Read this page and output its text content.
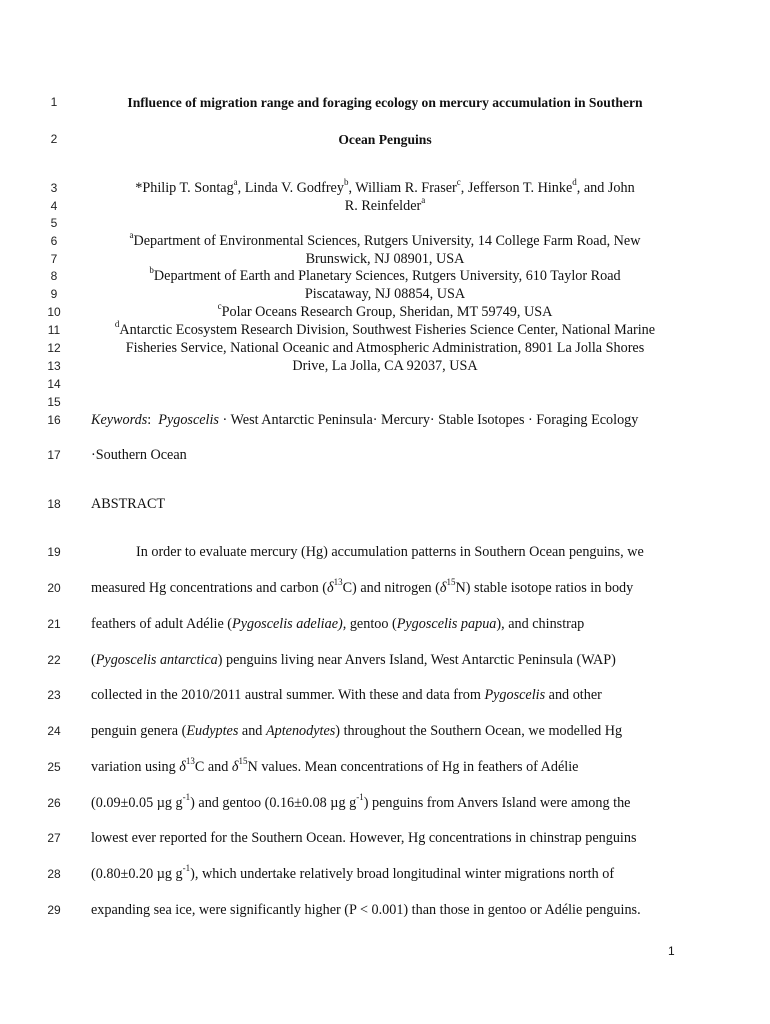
1
2
3
4
5
6
7
8
9
10
11
12
13
14
15
16
17
18
19
20
21
22
23
24
25
26
27
28
29
Influence of migration range and foraging ecology on mercury accumulation in Southern
Ocean Penguins
*Philip T. Sontag$^a$, Linda V. Godfrey$^b$, William R. Fraser$^c$, Jefferson T. Hinke$^d$, and John
R. Reinfelder$^a$
$^a$Department of Environmental Sciences, Rutgers University, 14 College Farm Road, New
Brunswick, NJ 08901, USA
$^b$Department of Earth and Planetary Sciences, Rutgers University, 610 Taylor Road
Piscataway, NJ 08854, USA
$^c$Polar Oceans Research Group, Sheridan, MT 59749, USA
$^d$Antarctic Ecosystem Research Division, Southwest Fisheries Science Center, National Marine
Fisheries Service, National Oceanic and Atmospheric Administration, 8901 La Jolla Shores
Drive, La Jolla, CA 92037, USA
Keywords:  Pygoscelis · West Antarctic Peninsula· Mercury· Stable Isotopes · Foraging Ecology
·Southern Ocean
ABSTRACT
In order to evaluate mercury (Hg) accumulation patterns in Southern Ocean penguins, we
measured Hg concentrations and carbon $(\delta^{13}C)$ and nitrogen $(\delta^{15}N)$ stable isotope ratios in body
feathers of adult Adélie (Pygoscelis adeliae), gentoo (Pygoscelis papua), and chinstrap
(Pygoscelis antarctica) penguins living near Anvers Island, West Antarctic Peninsula (WAP)
collected in the 2010/2011 austral summer. With these and data from Pygoscelis and other
penguin genera (Eudyptes and Aptenodytes) throughout the Southern Ocean, we modelled Hg
variation using $\delta^{13}C$ and $\delta^{15}N$ values. Mean concentrations of Hg in feathers of Adélie
(0.09±0.05 µg $g^{-1}$) and gentoo (0.16±0.08 µg $g^{-1}$) penguins from Anvers Island were among the
lowest ever reported for the Southern Ocean. However, Hg concentrations in chinstrap penguins
(0.80±0.20 µg $g^{-1}$), which undertake relatively broad longitudinal winter migrations north of
expanding sea ice, were significantly higher (P < 0.001) than those in gentoo or Adélie penguins.
1
